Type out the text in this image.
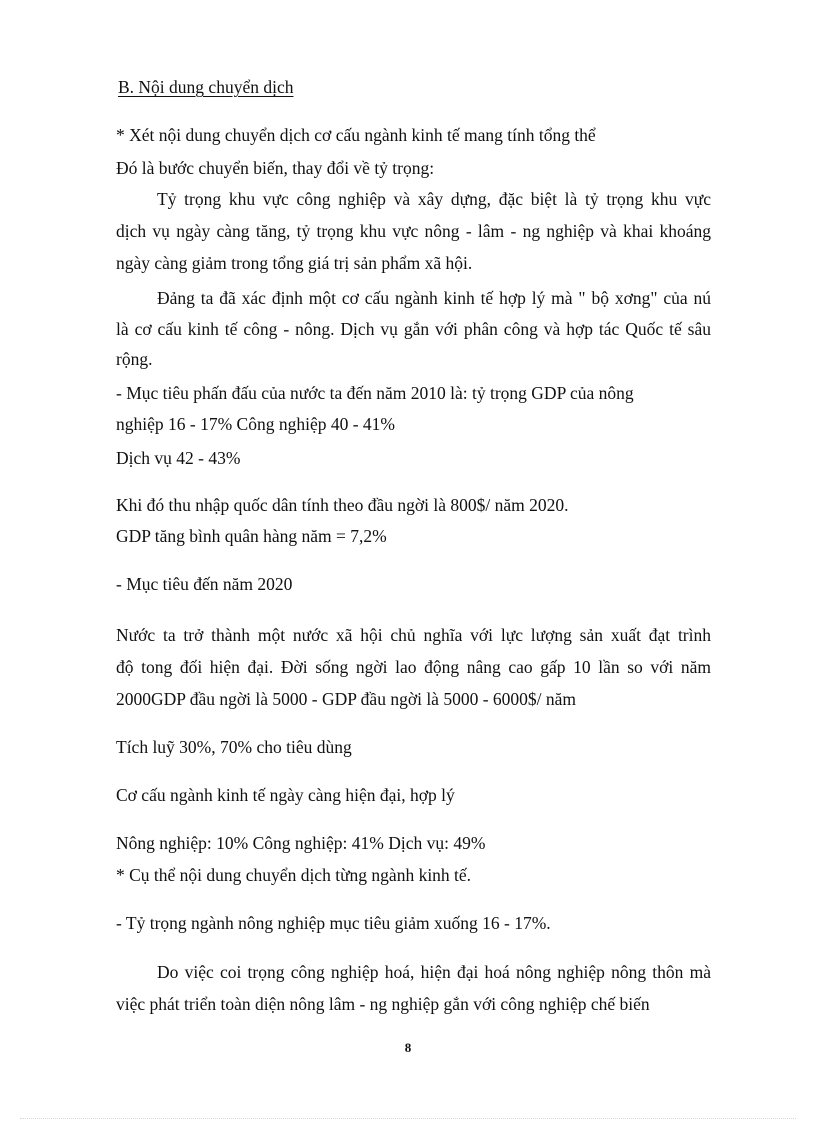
B. Nội dung chuyển dịch

* Xét nội dung chuyển dịch cơ cấu ngành kinh tế mang tính tổng thể

Đó là bước chuyển biến, thay đổi về tỷ trọng:

Tỷ trọng khu vực công nghiệp và xây dựng, đặc biệt là tỷ trọng khu vực

dịch vụ ngày càng tăng, tỷ trọng khu vực nông - lâm - ng nghiệp và khai khoáng

ngày càng giảm trong tổng giá trị sản phẩm xã hội.

Đảng ta đã xác định một cơ cấu ngành kinh tế hợp lý mà " bộ xơng" của nú

là cơ cấu kinh tế công - nông. Dịch vụ gắn với phân công và hợp tác Quốc tế sâu

rộng.

- Mục tiêu phấn đấu của nước ta đến năm 2010 là: tỷ trọng GDP của nông

nghiệp 16 - 17% Công nghiệp 40 - 41%

Dịch vụ 42 - 43%

Khi đó thu nhập quốc dân tính theo đầu ngời là 800$/ năm 2020.

GDP tăng bình quân hàng năm = 7,2%

- Mục tiêu đến năm 2020

Nước ta trở thành một nước xã hội chủ nghĩa với lực lượng sản xuất đạt trình

độ tong đối hiện đại. Đời sống ngời lao động nâng cao gấp 10 lần so với năm

2000GDP đầu ngời là 5000 - GDP đầu ngời là 5000 - 6000$/ năm

Tích luỹ 30%, 70% cho tiêu dùng

Cơ cấu ngành kinh tế ngày càng hiện đại, hợp lý

Nông nghiệp: 10% Công nghiệp: 41% Dịch vụ: 49%

* Cụ thể nội dung chuyển dịch từng ngành kinh tế.

- Tỷ trọng ngành nông nghiệp mục tiêu giảm xuống 16 - 17%.

Do việc coi trọng công nghiệp hoá, hiện đại hoá nông nghiệp nông thôn mà

việc phát triển toàn diện nông lâm - ng nghiệp gắn với công nghiệp chế biến

8
